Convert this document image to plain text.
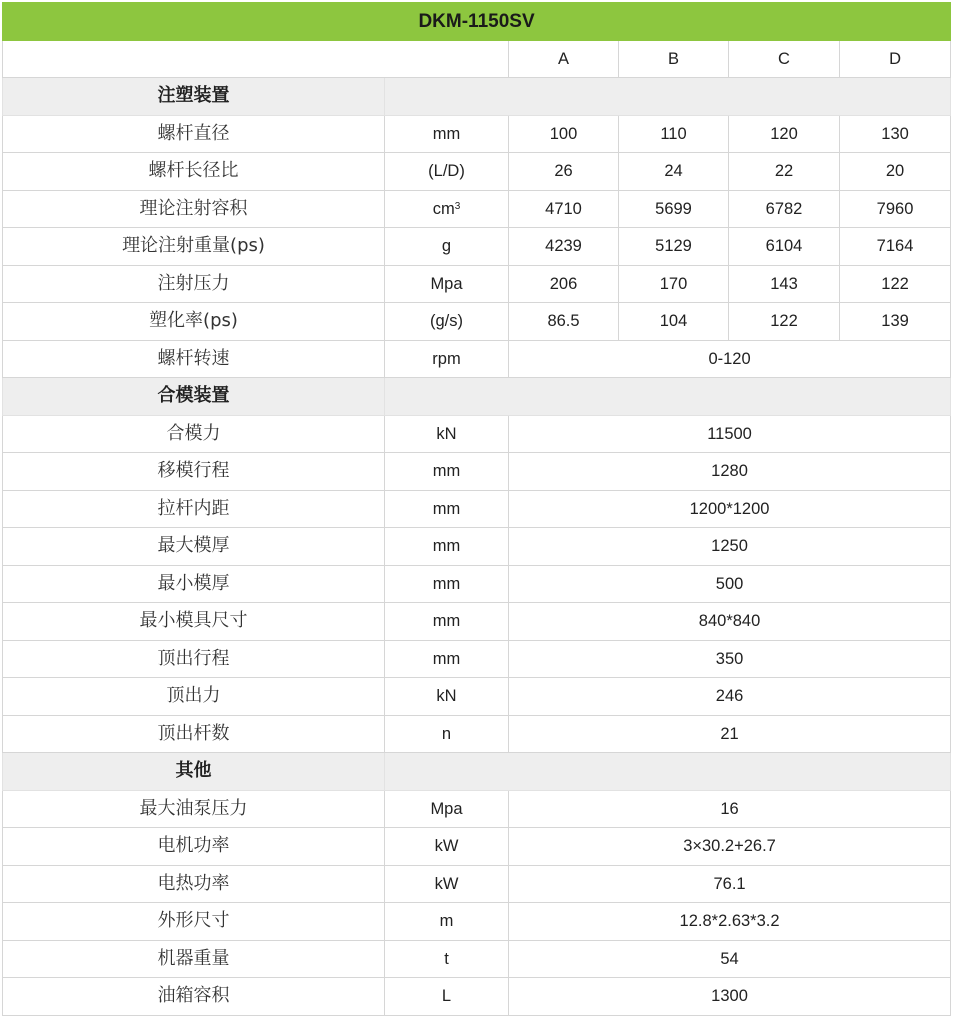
DKM-1150SV					
		A	B	C	D
注塑装置					
螺杆直径	mm	100	110	120	130
螺杆长径比	(L/D)	26	24	22	20
理论注射容积	$cm^3$	4710	5699	6782	7960
理论注射重量(ps)	g	4239	5129	6104	7164
注射压力	Mpa	206	170	143	122
塑化率(ps)	(g/s)	86.5	104	122	139
螺杆转速	rpm	0-120			
合模装置					
合模力	kN	11500			
移模行程	mm	1280			
拉杆内距	mm	1200*1200			
最大模厚	mm	1250			
最小模厚	mm	500			
最小模具尺寸	mm	840*840			
顶出行程	mm	350			
顶出力	kN	246			
顶出杆数	n	21			
其他					
最大油泵压力	Mpa	16			
电机功率	kW	3×30.2+26.7			
电热功率	kW	76.1			
外形尺寸	m	12.8*2.63*3.2			
机器重量	t	54			
油箱容积	L	1300			
